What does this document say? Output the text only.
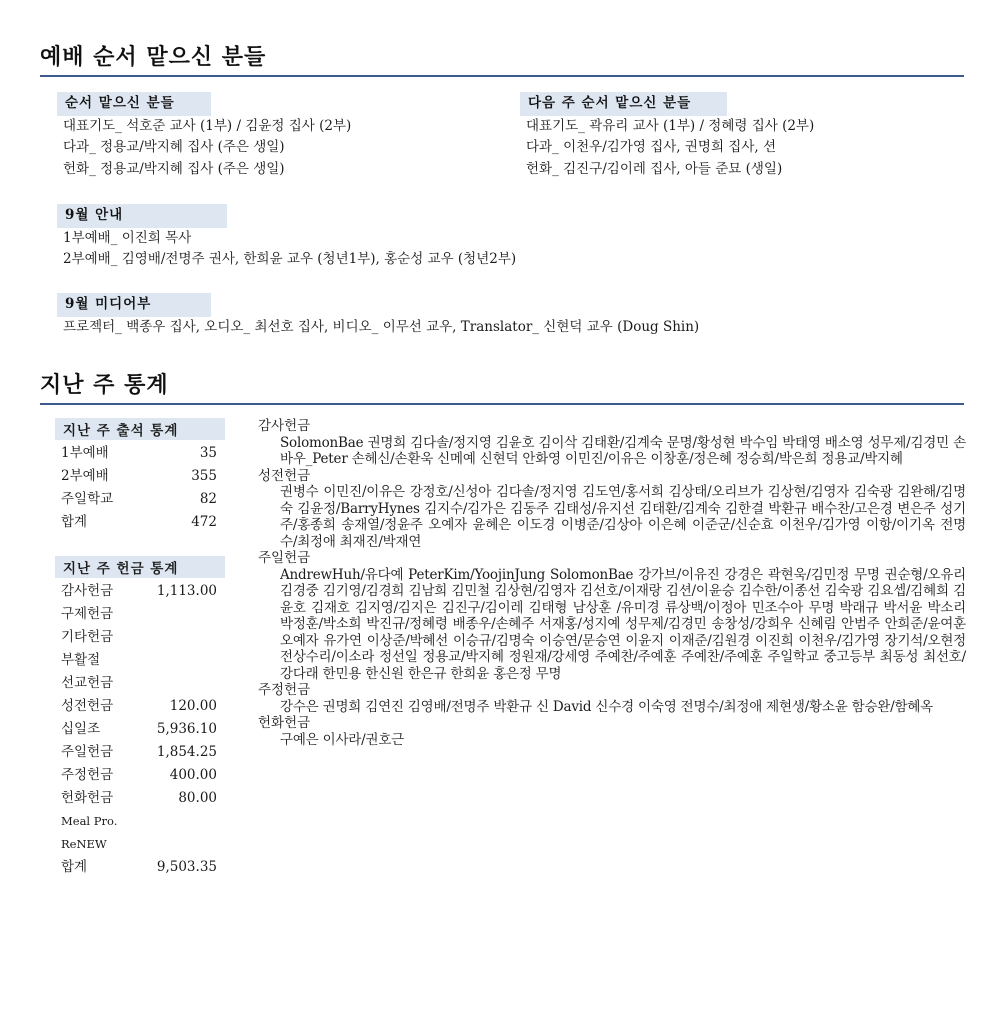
예배 순서 맡으신 분들
순서 맡으신 분들
대표기도_ 석호준 교사 (1부) / 김윤정 집사 (2부)
다과_ 정용교/박지혜 집사 (주은 생일)
헌화_ 정용교/박지혜 집사 (주은 생일)
다음 주 순서 맡으신 분들
대표기도_ 곽유리 교사 (1부) / 정혜령 집사 (2부)
다과_ 이천우/김가영 집사, 권명희 집사, 션
헌화_ 김진구/김이레 집사, 아들 준묘 (생일)
9월 안내
1부예배_ 이진희 목사
2부예배_ 김영배/전명주 권사, 한희윤 교우 (청년1부), 홍순성 교우 (청년2부)
9월 미디어부
프로젝터_ 백종우 집사, 오디오_ 최선호 집사, 비디오_ 이무선 교우, Translator_ 신현덕 교우 (Doug Shin)
지난 주 통계
지난 주 출석 통계
1부예배	35
2부예배	355
주일학교	82
합계	472
지난 주 헌금 통계
감사헌금	1,113.00
구제헌금
기타헌금
부활절
선교헌금
성전헌금	120.00
십일조	5,936.10
주일헌금	1,854.25
주정헌금	400.00
헌화헌금	80.00
Meal Pro.
ReNEW
합계	9,503.35
감사헌금
SolomonBae 권명희 김다솔/정지영 김윤호 김이삭 김태환/김계숙 문명/황성현 박수임 박태영 배소영 성무제/김경민 손바우_Peter 손헤신/손환욱 신메예 신현덕 안화영 이민진/이유은 이창훈/정은혜 정승희/박은희 정용교/박지혜
성전헌금
권병수 이민진/이유은 강정호/신성아 김다솔/정지영 김도연/홍서희 김상태/오리브가 김상현/김영자 김숙광 김완해/김명숙 김윤정/BarryHynes 김지수/김가은 김동주 김태성/유지선 김태환/김계숙 김한결 박환규 배수찬/고은경 변은주 성기주/홍종희 송재열/정윤주 오예자 윤혜은 이도경 이병준/김상아 이은혜 이준군/신순효 이천우/김가영 이항/이기옥 전명수/최정애 최재진/박재연
주일헌금
AndrewHuh/유다예 PeterKim/YoojinJung SolomonBae 강가브/이유진 강경은 곽현욱/김민정 무명 권순형/오유리 김경중 김기영/김경희 김남희 김민철 김상현/김영자 김선호/이재랑 김션/이윤승 김수한/이종선 김숙광 김요셉/김혜희 김윤호 김재호 김지영/김지은 김진구/김이레 김태형 남상훈 /유미경 류상백/이정아 민조수아 무명 박래규 박서윤 박소리 박정훈/박소희 박진규/정혜령 배종우/손혜주 서재홍/성지예 성무제/김경민 송창성/강희우 신혜림 안범주 안희준/윤여훈 오예자 유가연 이상준/박혜선 이승규/김명숙 이승연/문승연 이윤지 이재준/김원경 이진희 이천우/김가영 장기석/오현정 전상수리/이소라 정선일 정용교/박지혜 정원재/강세영 주예찬/주예훈 주예찬/주예훈 주일학교 중고등부 최동성 최선호/강다래 한민용 한신원 한은규 한희윤 홍은정 무명
주정헌금
강수은 권명희 김연진 김영배/전명주 박환규 신 David 신수경 이숙영 전명수/최정애 제현생/황소윤 함승완/함혜옥
헌화헌금
구예은 이사라/권호근
